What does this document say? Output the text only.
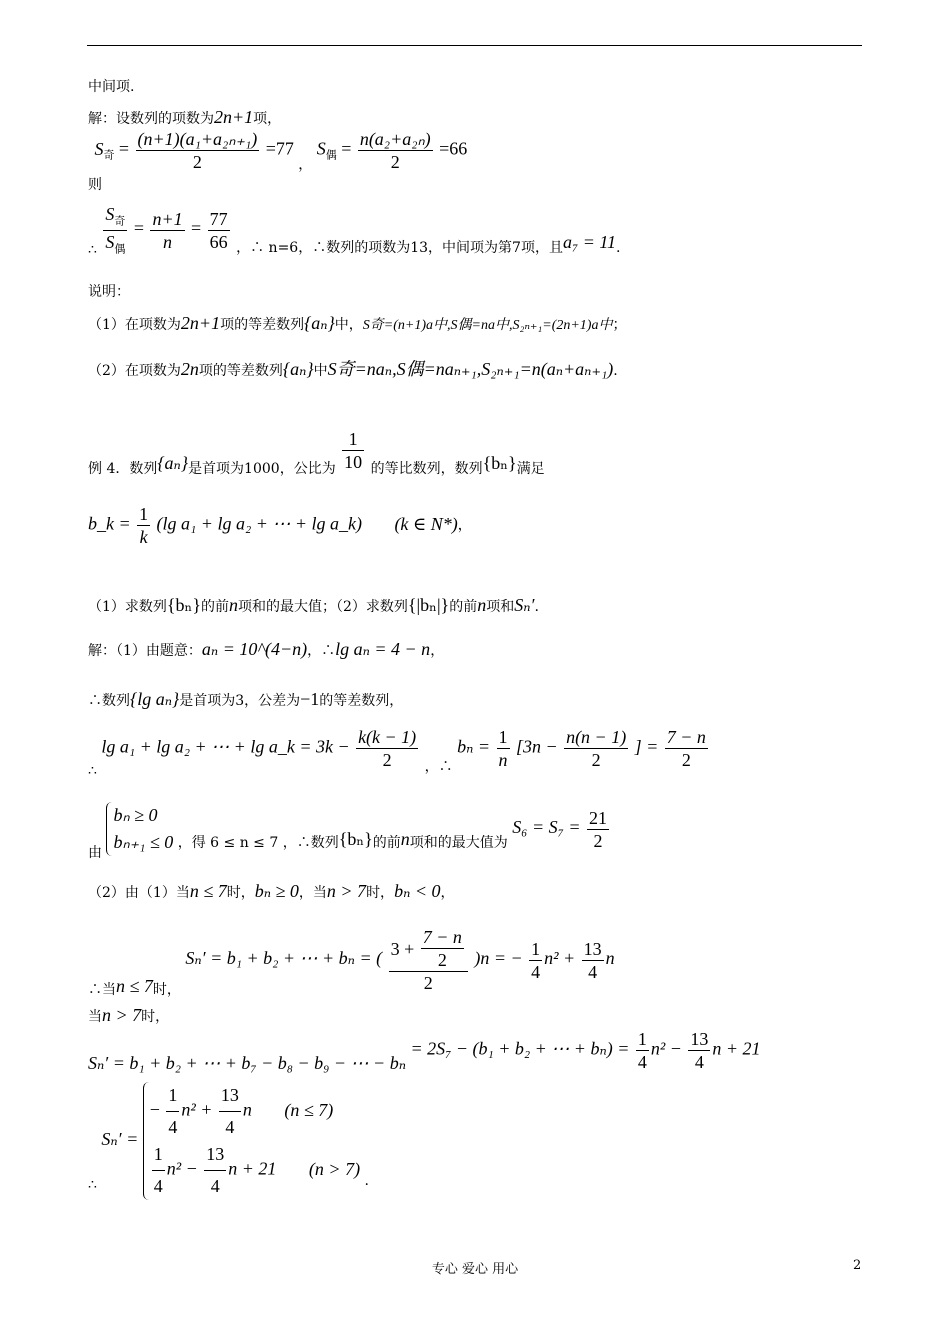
中间项.
解：设数列的项数为2n+1项，
则 $S_奇 = \frac{\text{(n+1)(a₁+a₂ₙ₊₁)}}{2} =77$ ， $S_偶 = \frac{\text{n(a₂+a₂ₙ)}}{2} =66$
∴ $\frac{S_奇}{S_偶} = \frac{n+1}{n} = \frac{77}{66}$ ，∴ n=6，∴数列的项数为13，中间项为第7项，且a₇ = 11.
说明：
（1）在项数为2n+1项的等差数列{aₙ}中，S奇=(n+1)a中,S偶=na中,S₂ₙ₊₁=(2n+1)a中；
（2）在项数为2n项的等差数列{aₙ}中S奇=naₙ,S偶=naₙ₊₁,S₂ₙ₊₁=n(aₙ+aₙ₊₁).
例 4．数列{aₙ}是首项为1000，公比为 $\frac{1}{10}$ 的等比数列，数列{bₙ}满足
b_k = $\frac{1}{k} (\lg$ a₁ + lg a₂ + ⋯ + lg a_k) (k ∈ N*)，
（1）求数列{bₙ}的前n项和的最大值；（2）求数列{|bₙ|}的前n项和Sₙ′.
解：（1）由题意：aₙ = 10^(4−n)，∴lg aₙ = 4 − n，
∴数列{lg aₙ}是首项为3，公差为−1的等差数列，
∴ lg a₁ + lg a₂ + ⋯ + lg a_k = $3k - \frac{k(k - 1)}{2}$ ，∴ $b_n = \frac{1}{n} [3n - \frac{n(n - 1)}{2}$ ] = $\frac{7 - n}{2}$
由
bₙ ≥ 0
bₙ₊₁ ≤ 0 ，得 6 ≤ n ≤ 7 ，∴数列{bₙ}的前n项和的最大值为 $S_6 = S_7 = \frac{21}{2}$
（2）由（1）当n ≤ 7时，bₙ ≥ 0，当n > 7时，bₙ < 0，
∴当n ≤ 7时， Sₙ′ = b₁ + b₂ + ⋯ + bₙ = ( $\frac{3 + \frac{7 - n}{2}}{2} )n$ = − $\frac{1}{4} n^2 + \frac{13}{4}$ n
当n > 7时，
Sₙ′ = b₁ + b₂ + ⋯ + b₇ − b₈ − b₉ − ⋯ − bₙ = 2S₇ − (b₁ + b₂ + ⋯ + $b_n) = \frac{1}{4} n^2 - \frac{13}{4}$ n + 21
∴ Sₙ′ =
− $\frac{1}{4} n^2 + \frac{13}{4}$ n (n ≤ 7)
$\frac{1}{4} n^2 - \frac{13}{4}$ n + 21 (n > 7)
.
专心 爱心 用心	2
